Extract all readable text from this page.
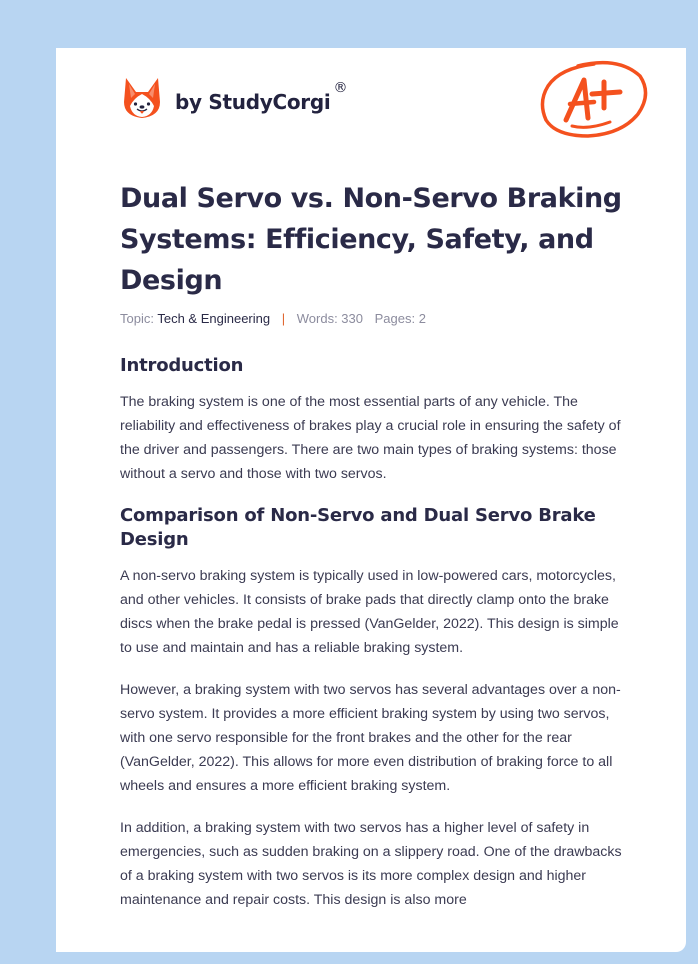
by StudyCorgi
®
Dual Servo vs. Non-Servo Braking Systems: Efficiency, Safety, and Design
Topic: Tech & Engineering | Words: 330 Pages: 2
Introduction

The braking system is one of the most essential parts of any vehicle. The reliability and effectiveness of brakes play a crucial role in ensuring the safety of the driver and passengers. There are two main types of braking systems: those without a servo and those with two servos.

Comparison of Non-Servo and Dual Servo Brake Design

A non-servo braking system is typically used in low-powered cars, motorcycles, and other vehicles. It consists of brake pads that directly clamp onto the brake discs when the brake pedal is pressed (VanGelder, 2022). This design is simple to use and maintain and has a reliable braking system.

However, a braking system with two servos has several advantages over a non-servo system. It provides a more efficient braking system by using two servos, with one servo responsible for the front brakes and the other for the rear (VanGelder, 2022). This allows for more even distribution of braking force to all wheels and ensures a more efficient braking system.

In addition, a braking system with two servos has a higher level of safety in emergencies, such as sudden braking on a slippery road. One of the drawbacks of a braking system with two servos is its more complex design and higher maintenance and repair costs. This design is also more
